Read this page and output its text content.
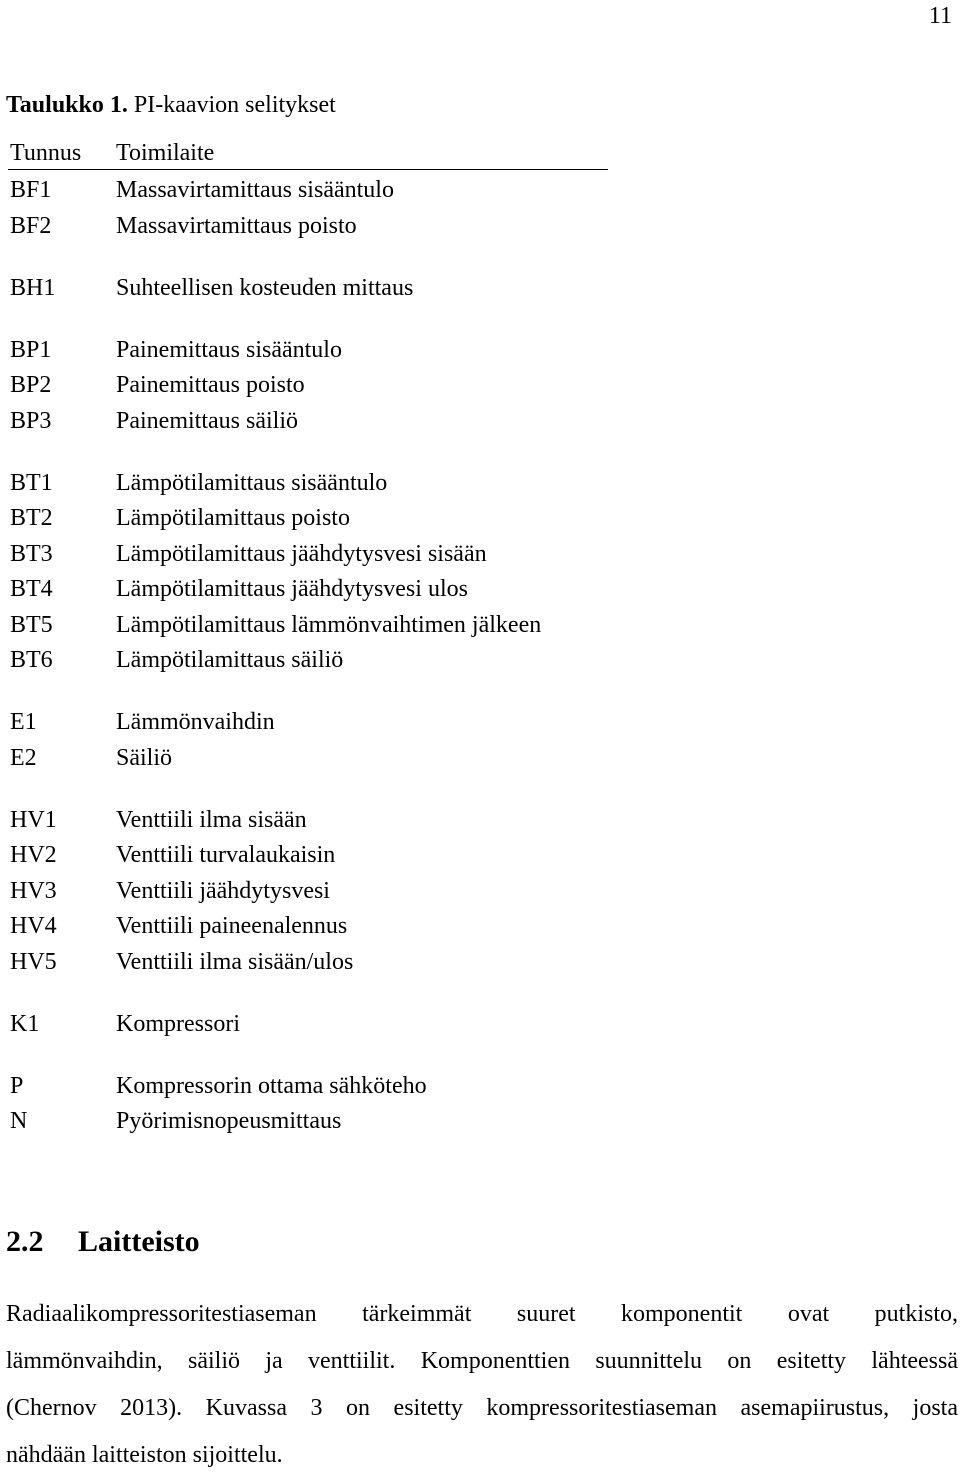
11
Taulukko 1. PI-kaavion selitykset
Tunnus Toimilaite
BF1	Massavirtamittaus sisääntulo
BF2	Massavirtamittaus poisto
BH1	Suhteellisen kosteuden mittaus
BP1	Painemittaus sisääntulo
BP2	Painemittaus poisto
BP3	Painemittaus säiliö
BT1	Lämpötilamittaus sisääntulo
BT2	Lämpötilamittaus poisto
BT3	Lämpötilamittaus jäähdytysvesi sisään
BT4	Lämpötilamittaus jäähdytysvesi ulos
BT5	Lämpötilamittaus lämmönvaihtimen jälkeen
BT6	Lämpötilamittaus säiliö
E1	Lämmönvaihdin
E2	Säiliö
HV1 Venttiili ilma sisään
HV2 Venttiili turvalaukaisin
HV3 Venttiili jäähdytysvesi
HV4 Venttiili paineenalennus
HV5 Venttiili ilma sisään/ulos
K1	Kompressori
P	Kompressorin ottama sähköteho
N	Pyörimisnopeusmittaus
2.2 Laitteisto
Radiaalikompressoritestiaseman tärkeimmät suuret komponentit ovat putkisto,
lämmönvaihdin, säiliö ja venttiilit. Komponenttien suunnittelu on esitetty lähteessä
(Chernov 2013). Kuvassa 3 on esitetty kompressoritestiaseman asemapiirustus, josta
nähdään laitteiston sijoittelu.
